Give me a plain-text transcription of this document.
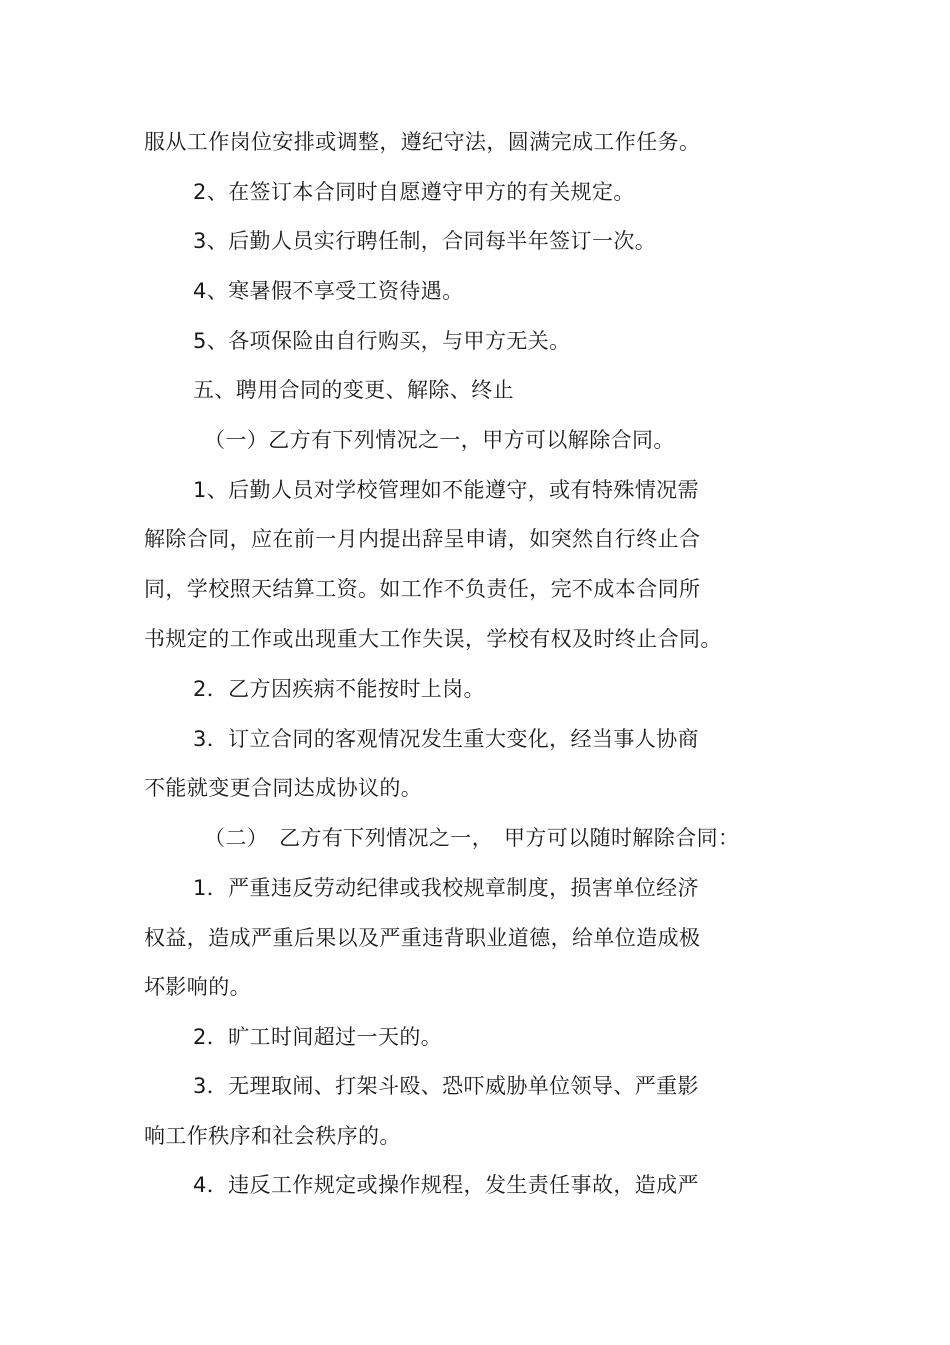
服从工作岗位安排或调整，遵纪守法，圆满完成工作任务。

2、在签订本合同时自愿遵守甲方的有关规定。

3、后勤人员实行聘任制，合同每半年签订一次。

4、寒暑假不享受工资待遇。

5、各项保险由自行购买，与甲方无关。

五、聘用合同的变更、解除、终止

（一）乙方有下列情况之一，甲方可以解除合同。

1、后勤人员对学校管理如不能遵守，或有特殊情况需

解除合同，应在前一月内提出辞呈申请，如突然自行终止合

同，学校照天结算工资。如工作不负责任，完不成本合同所

书规定的工作或出现重大工作失误，学校有权及时终止合同。

2．乙方因疾病不能按时上岗。

3．订立合同的客观情况发生重大变化，经当事人协商

不能就变更合同达成协议的。

（二）　乙方有下列情况之一，　甲方可以随时解除合同：

1．严重违反劳动纪律或我校规章制度，损害单位经济

权益，造成严重后果以及严重违背职业道德，给单位造成极

坏影响的。

2．旷工时间超过一天的。

3．无理取闹、打架斗殴、恐吓威胁单位领导、严重影

响工作秩序和社会秩序的。

4．违反工作规定或操作规程，发生责任事故，造成严
